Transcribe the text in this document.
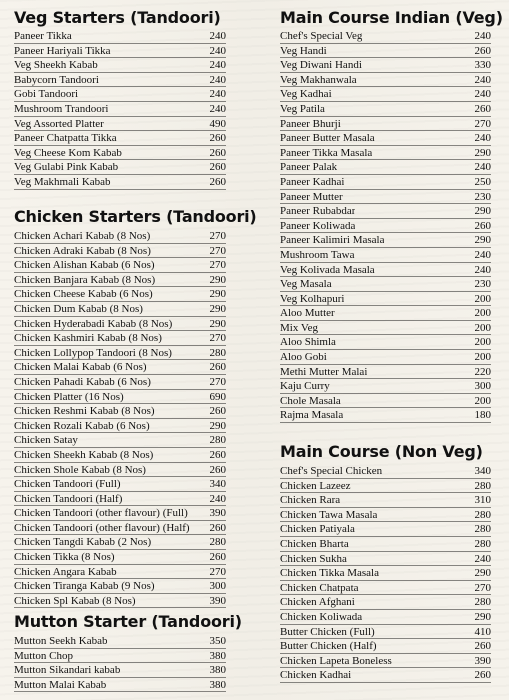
Veg Starters (Tandoori)
Paneer Tikka	240
Paneer Hariyali Tikka	240
Veg Sheekh Kabab	240
Babycorn Tandoori	240
Gobi Tandoori	240
Mushroom Trandoori	240
Veg Assorted Platter	490
Paneer Chatpatta Tikka	260
Veg Cheese Kom Kabab	260
Veg Gulabi Pink Kabab	260
Veg Makhmali Kabab	260
Chicken Starters (Tandoori)
Chicken Achari Kabab (8 Nos)	270
Chicken Adraki Kabab (8 Nos)	270
Chicken Alishan Kabab (6 Nos)	270
Chicken Banjara Kabab (8 Nos)	290
Chicken Cheese Kabab (6 Nos)	290
Chicken Dum Kabab (8 Nos)	290
Chicken Hyderabadi Kabab (8 Nos)	290
Chicken Kashmiri Kabab (8 Nos)	270
Chicken Lollypop Tandoori (8 Nos)	280
Chicken Malai Kabab (6 Nos)	260
Chicken Pahadi Kabab (6 Nos)	270
Chicken Platter (16 Nos)	690
Chicken Reshmi Kabab (8 Nos)	260
Chicken Rozali Kabab (6 Nos)	290
Chicken Satay	280
Chicken Sheekh Kabab (8 Nos)	260
Chicken Shole Kabab (8 Nos)	260
Chicken Tandoori (Full)	340
Chicken Tandoori (Half)	240
Chicken Tandoori (other flavour) (Full)	390
Chicken Tandoori (other flavour) (Half)	260
Chicken Tangdi Kabab (2 Nos)	280
Chicken Tikka (8 Nos)	260
Chicken Angara Kabab	270
Chicken Tiranga Kabab (9 Nos)	300
Chicken Spl Kabab (8 Nos)	390
Mutton Starter (Tandoori)
Mutton Seekh Kabab	350
Mutton Chop	380
Mutton Sikandari kabab	380
Mutton Malai Kabab	380
Main Course Indian (Veg)
Chef's Special Veg	240
Veg Handi	260
Veg Diwani Handi	330
Veg Makhanwala	240
Veg Kadhai	240
Veg Patila	260
Paneer Bhurji	270
Paneer Butter Masala	240
Paneer Tikka Masala	290
Paneer Palak	240
Paneer Kadhai	250
Paneer Mutter	230
Paneer Rubabdar	290
Paneer Koliwada	260
Paneer Kalimiri Masala	290
Mushroom Tawa	240
Veg Kolivada Masala	240
Veg Masala	230
Veg Kolhapuri	200
Aloo Mutter	200
Mix Veg	200
Aloo Shimla	200
Aloo Gobi	200
Methi Mutter Malai	220
Kaju Curry	300
Chole Masala	200
Rajma Masala	180
Main Course (Non Veg)
Chef's Special Chicken	340
Chicken Lazeez	280
Chicken Rara	310
Chicken Tawa Masala	280
Chicken Patiyala	280
Chicken Bharta	280
Chicken Sukha	240
Chicken Tikka Masala	290
Chicken Chatpata	270
Chicken Afghani	280
Chicken Koliwada	290
Butter Chicken (Full)	410
Butter Chicken (Half)	260
Chicken Lapeta Boneless	390
Chicken Kadhai	260
